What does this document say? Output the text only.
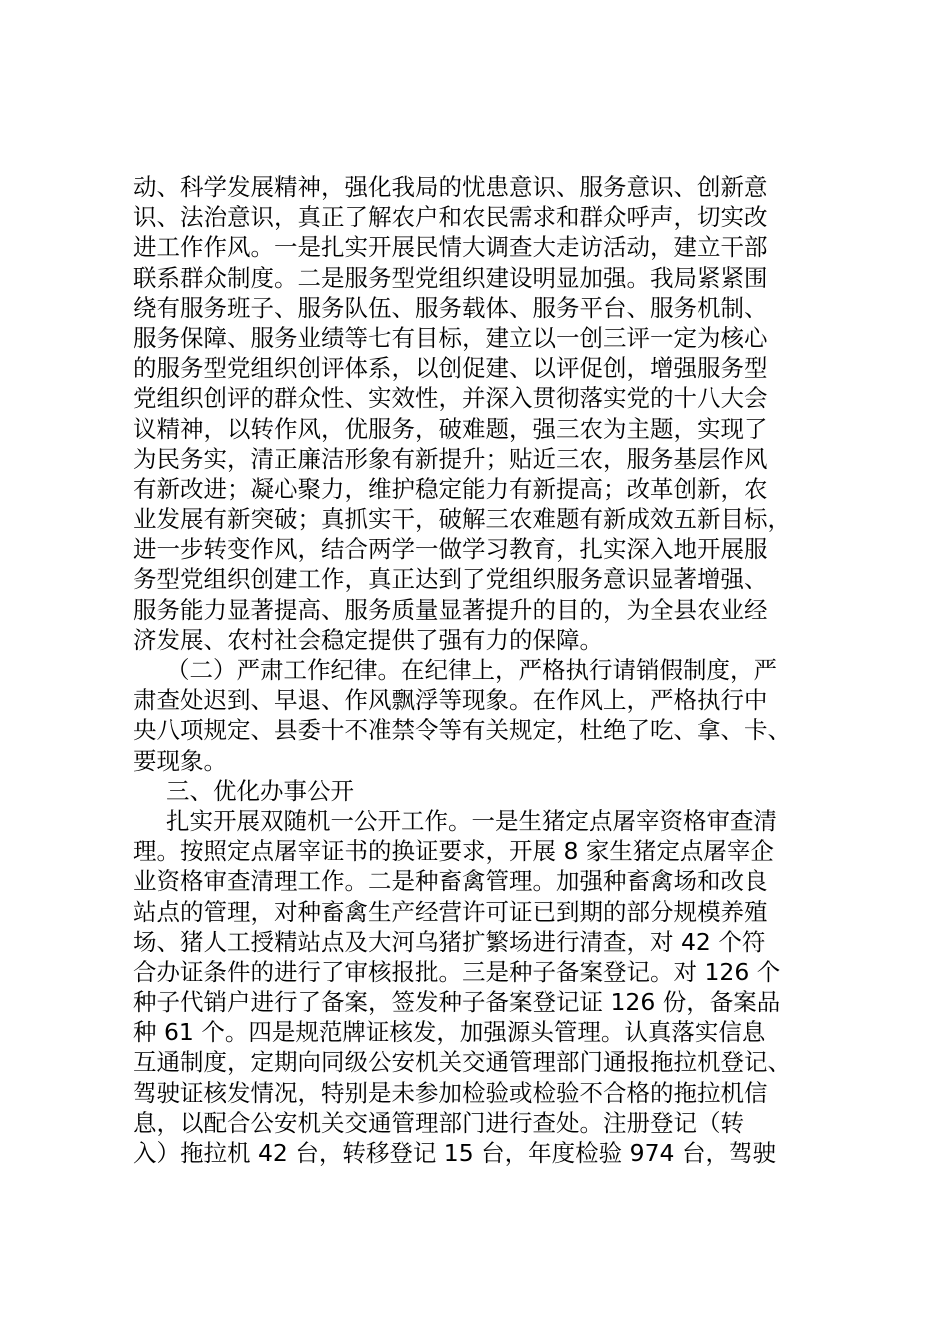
动、科学发展精神，强化我局的忧患意识、服务意识、创新意
识、法治意识，真正了解农户和农民需求和群众呼声，切实改
进工作作风。一是扎实开展民情大调查大走访活动，建立干部
联系群众制度。二是服务型党组织建设明显加强。我局紧紧围
绕有服务班子、服务队伍、服务载体、服务平台、服务机制、
服务保障、服务业绩等七有目标，建立以一创三评一定为核心
的服务型党组织创评体系，以创促建、以评促创，增强服务型
党组织创评的群众性、实效性，并深入贯彻落实党的十八大会
议精神，以转作风，优服务，破难题，强三农为主题，实现了
为民务实，清正廉洁形象有新提升；贴近三农，服务基层作风
有新改进；凝心聚力，维护稳定能力有新提高；改革创新，农
业发展有新突破；真抓实干，破解三农难题有新成效五新目标，
进一步转变作风，结合两学一做学习教育，扎实深入地开展服
务型党组织创建工作，真正达到了党组织服务意识显著增强、
服务能力显著提高、服务质量显著提升的目的，为全县农业经
济发展、农村社会稳定提供了强有力的保障。
（二）严肃工作纪律。在纪律上，严格执行请销假制度，严
肃查处迟到、早退、作风飘浮等现象。在作风上，严格执行中
央八项规定、县委十不准禁令等有关规定，杜绝了吃、拿、卡、
要现象。
三、优化办事公开
扎实开展双随机一公开工作。一是生猪定点屠宰资格审查清
理。按照定点屠宰证书的换证要求，开展 8 家生猪定点屠宰企
业资格审查清理工作。二是种畜禽管理。加强种畜禽场和改良
站点的管理，对种畜禽生产经营许可证已到期的部分规模养殖
场、猪人工授精站点及大河乌猪扩繁场进行清查，对 42 个符
合办证条件的进行了审核报批。三是种子备案登记。对 126 个
种子代销户进行了备案，签发种子备案登记证 126 份，备案品
种 61 个。四是规范牌证核发，加强源头管理。认真落实信息
互通制度，定期向同级公安机关交通管理部门通报拖拉机登记、
驾驶证核发情况，特别是未参加检验或检验不合格的拖拉机信
息，以配合公安机关交通管理部门进行查处。注册登记（转
入）拖拉机 42 台，转移登记 15 台，年度检验 974 台，驾驶
